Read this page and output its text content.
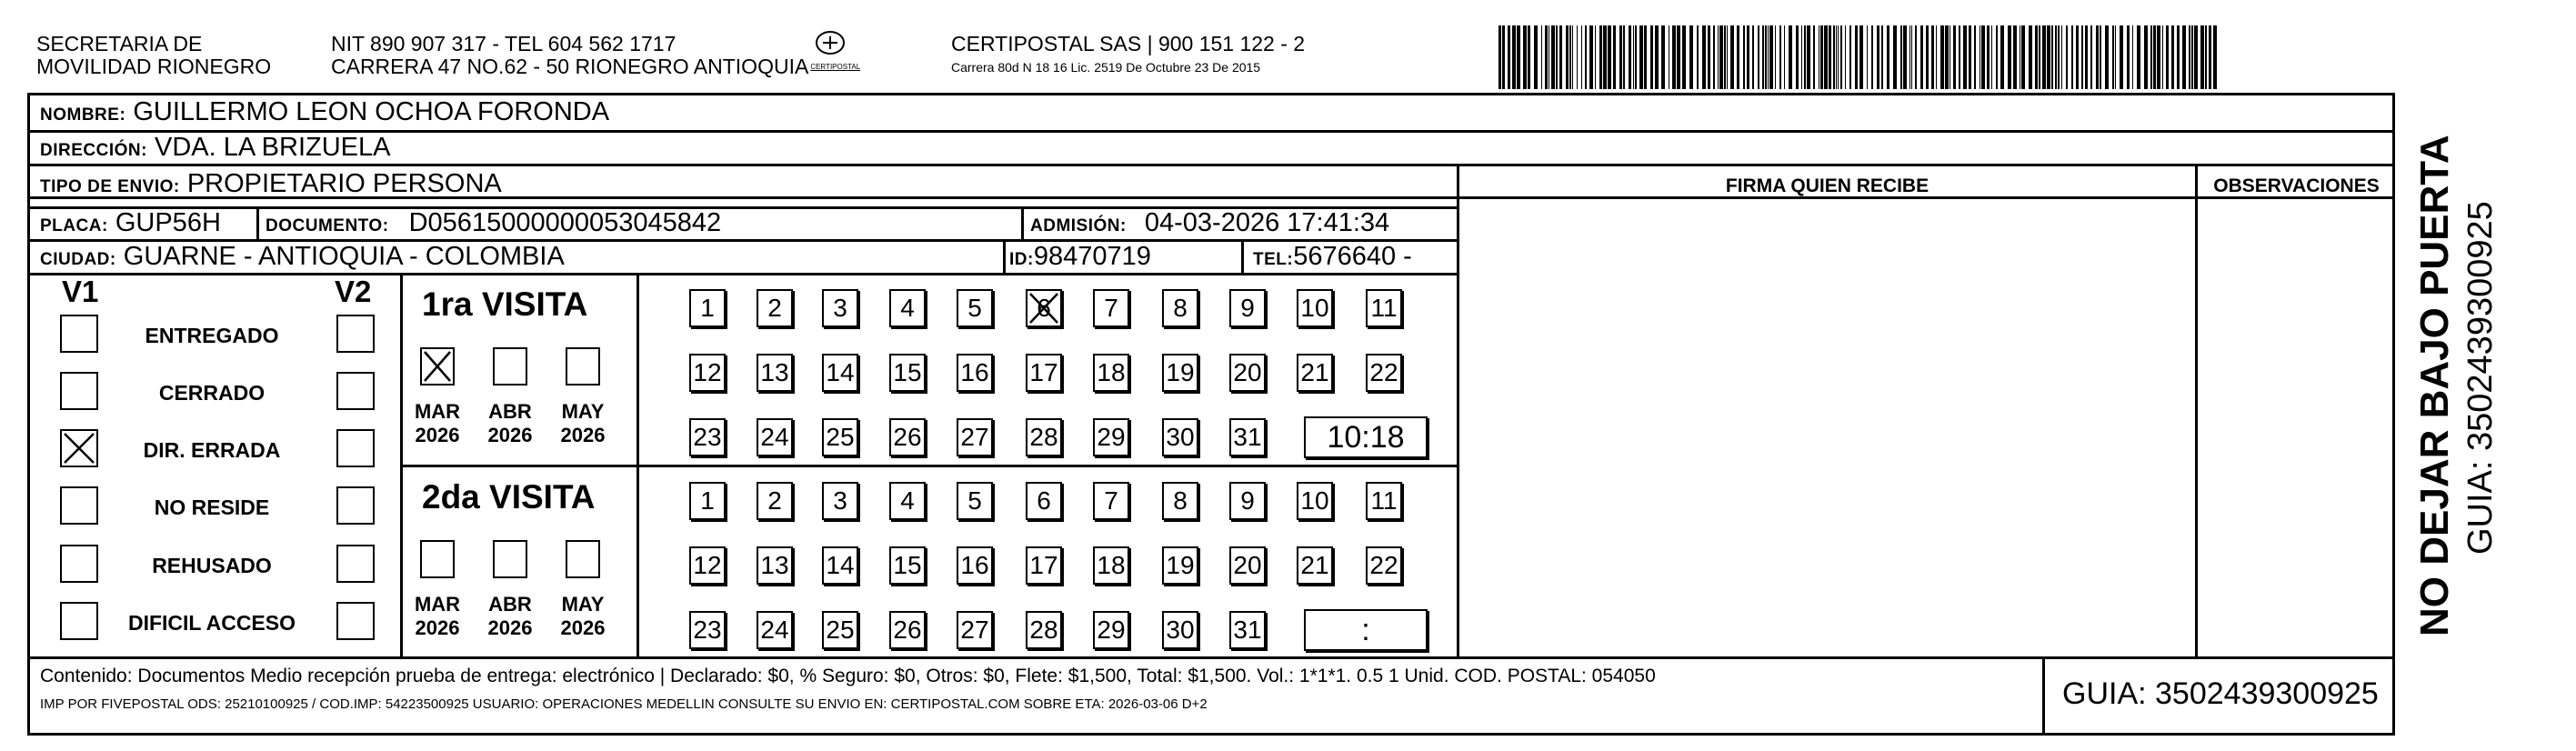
SECRETARIA DE
MOVILIDAD RIONEGRO
NIT 890 907 317 - TEL 604 562 1717
CARRERA 47 NO.62 - 50 RIONEGRO ANTIOQUIA CERTIPOSTAL
CERTIPOSTAL SAS | 900 151 122 - 2
Carrera 80d N 18 16 Lic. 2519 De Octubre 23 De 2015
NOMBRE: GUILLERMO LEON OCHOA FORONDA
DIRECCIÓN: VDA. LA BRIZUELA
TIPO DE ENVIO: PROPIETARIO PERSONA
PLACA: GUP56H	DOCUMENTO: D05615000000053045842	ADMISIÓN: 04-03-2026 17:41:34
CIUDAD: GUARNE - ANTIOQUIA - COLOMBIA	ID:98470719	TEL:5676640 -
FIRMA QUIEN RECIBE	OBSERVACIONES
V1	V2
ENTREGADO
CERRADO
DIR. ERRADA
NO RESIDE
REHUSADO
DIFICIL ACCESO
1ra VISITA
MAR
2026
ABR
2026
MAY
2026
1	2	3	4	5	6	7	8	9	10 11
12 13 14 15 16 17 18 19 20 21 22
23 24 25 26 27 28 29 30 31	10:18
2da VISITA
MAR
2026
ABR
2026
MAY
2026
1	2	3	4	5	6	7	8	9	10 11
12 13 14 15 16 17 18 19 20 21 22
23 24 25 26 27 28 29 30 31	:
Contenido: Documentos Medio recepción prueba de entrega: electrónico | Declarado: $0, % Seguro: $0, Otros: $0, Flete: $1,500, Total: $1,500. Vol.: 1*1*1. 0.5 1 Unid. COD. POSTAL: 054050
IMP POR FIVEPOSTAL ODS: 25210100925 / COD.IMP: 54223500925 USUARIO: OPERACIONES MEDELLIN CONSULTE SU ENVIO EN: CERTIPOSTAL.COM SOBRE ETA: 2026-03-06 D+2	GUIA: 3502439300925
NO DEJAR BAJO PUERTA GUIA: 3502439300925
